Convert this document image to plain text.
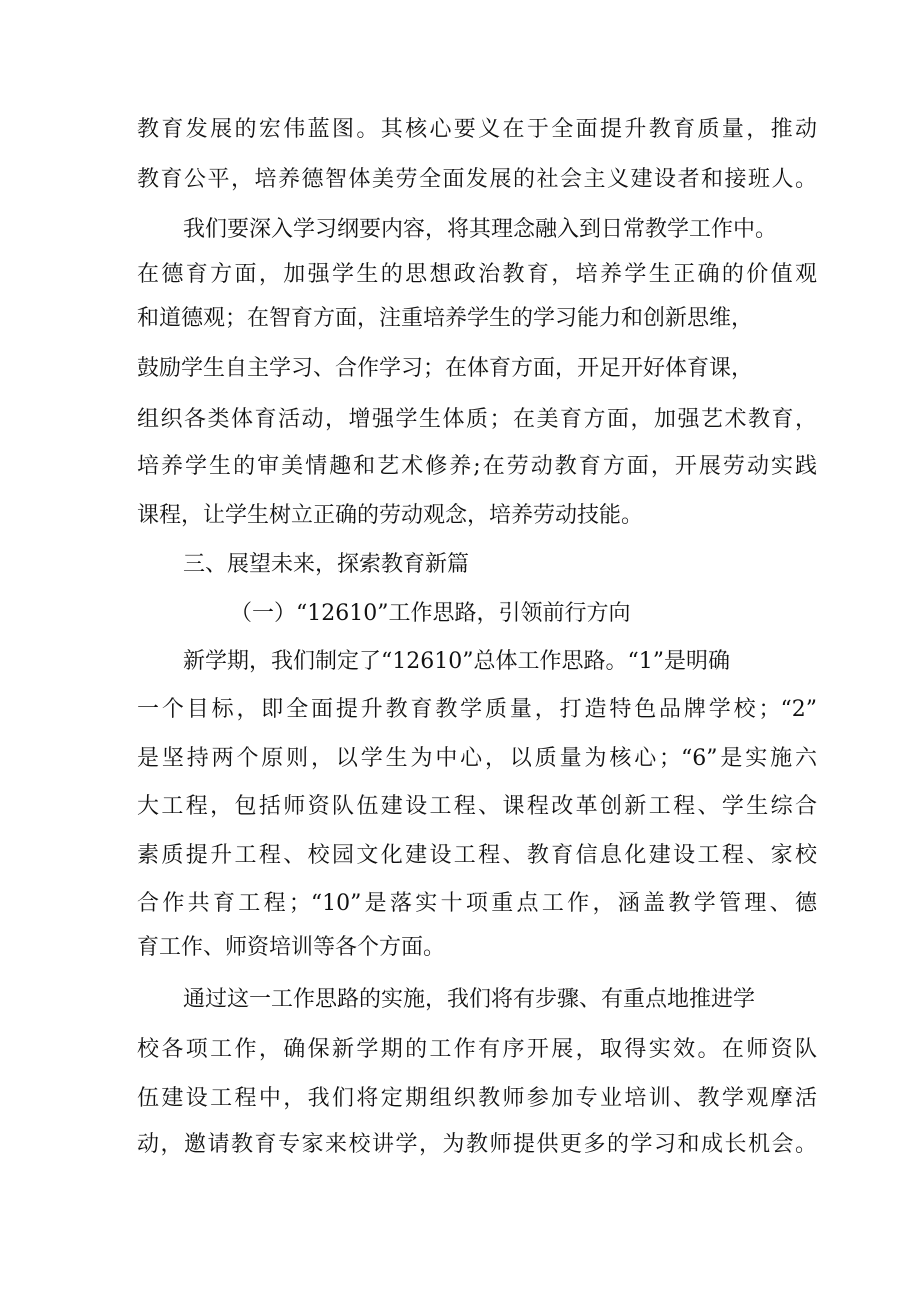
教育发展的宏伟蓝图。其核心要义在于全面提升教育质量，推动
教育公平，培养德智体美劳全面发展的社会主义建设者和接班人。
我们要深入学习纲要内容，将其理念融入到日常教学工作中。
在德育方面，加强学生的思想政治教育，培养学生正确的价值观
和道德观；在智育方面，注重培养学生的学习能力和创新思维，
鼓励学生自主学习、合作学习；在体育方面，开足开好体育课，
组织各类体育活动，增强学生体质；在美育方面，加强艺术教育，
培养学生的审美情趣和艺术修养;在劳动教育方面，开展劳动实践
课程，让学生树立正确的劳动观念，培养劳动技能。
三、展望未来，探索教育新篇
（一）“12610”工作思路，引领前行方向
新学期，我们制定了“12610”总体工作思路。“1”是明确
一个目标，即全面提升教育教学质量，打造特色品牌学校；“2”
是坚持两个原则，以学生为中心，以质量为核心；“6”是实施六
大工程，包括师资队伍建设工程、课程改革创新工程、学生综合
素质提升工程、校园文化建设工程、教育信息化建设工程、家校
合作共育工程；“10”是落实十项重点工作，涵盖教学管理、德
育工作、师资培训等各个方面。
通过这一工作思路的实施，我们将有步骤、有重点地推进学
校各项工作，确保新学期的工作有序开展，取得实效。在师资队
伍建设工程中，我们将定期组织教师参加专业培训、教学观摩活
动，邀请教育专家来校讲学，为教师提供更多的学习和成长机会。
